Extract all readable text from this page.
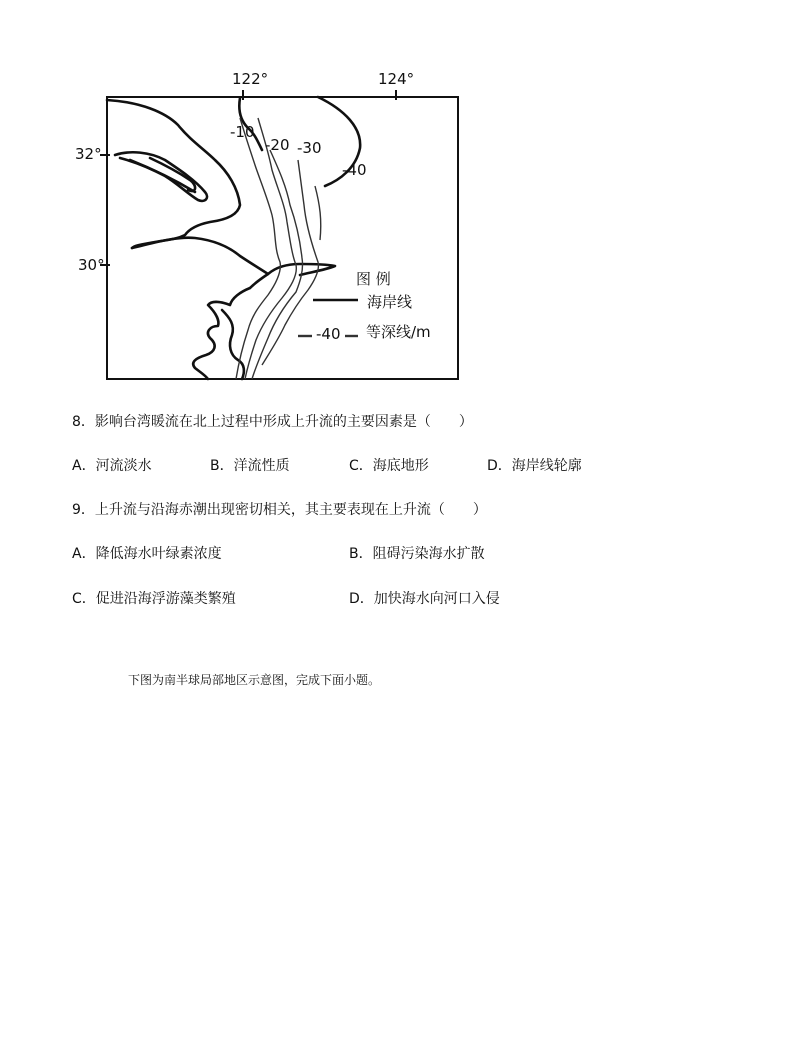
122°	124°
32°
30°
-10
-20 -30
-40
图 例
海岸线
-40 等深线/m
8．影响台湾暖流在北上过程中形成上升流的主要因素是（　　）
A．河流淡水	B．洋流性质	C．海底地形	D．海岸线轮廓
9．上升流与沿海赤潮出现密切相关，其主要表现在上升流（　　）
A．降低海水叶绿素浓度	B．阻碍污染海水扩散
C．促进沿海浮游藻类繁殖	D．加快海水向河口入侵
下图为南半球局部地区示意图，完成下面小题。
